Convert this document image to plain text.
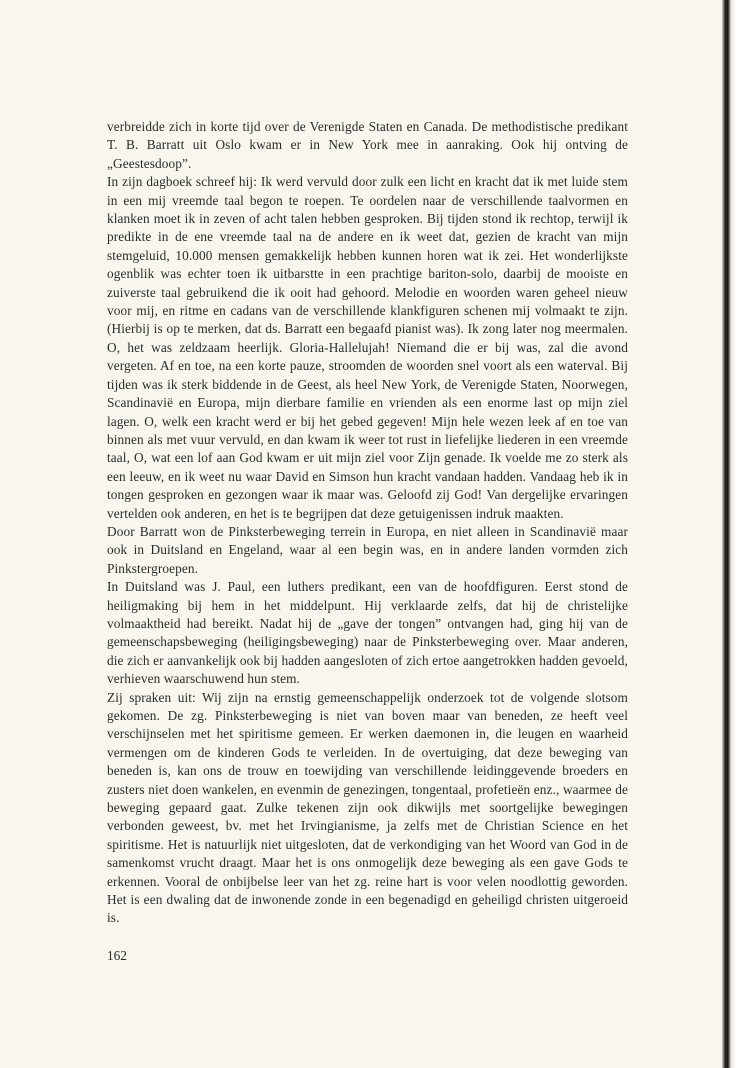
verbreidde zich in korte tijd over de Verenigde Staten en Canada. De methodistische predikant T. B. Barratt uit Oslo kwam er in New York mee in aanraking. Ook hij ontving de „Geestesdoop”.

In zijn dagboek schreef hij: Ik werd vervuld door zulk een licht en kracht dat ik met luide stem in een mij vreemde taal begon te roepen. Te oordelen naar de verschillende taalvormen en klanken moet ik in zeven of acht talen hebben gesproken. Bij tijden stond ik rechtop, terwijl ik predikte in de ene vreemde taal na de andere en ik weet dat, gezien de kracht van mijn stemgeluid, 10.000 mensen gemakkelijk hebben kunnen horen wat ik zei. Het wonderlijkste ogenblik was echter toen ik uitbarstte in een prachtige bariton-solo, daarbij de mooiste en zuiverste taal gebruikend die ik ooit had gehoord. Melodie en woorden waren geheel nieuw voor mij, en ritme en cadans van de verschillende klankfiguren schenen mij volmaakt te zijn. (Hierbij is op te merken, dat ds. Barratt een begaafd pianist was). Ik zong later nog meermalen. O, het was zeldzaam heerlijk. Gloria-Hallelujah! Niemand die er bij was, zal die avond vergeten. Af en toe, na een korte pauze, stroomden de woorden snel voort als een waterval. Bij tijden was ik sterk biddende in de Geest, als heel New York, de Verenigde Staten, Noorwegen, Scandinavië en Europa, mijn dierbare familie en vrienden als een enorme last op mijn ziel lagen. O, welk een kracht werd er bij het gebed gegeven! Mijn hele wezen leek af en toe van binnen als met vuur vervuld, en dan kwam ik weer tot rust in liefelijke liederen in een vreemde taal, O, wat een lof aan God kwam er uit mijn ziel voor Zijn genade. Ik voelde me zo sterk als een leeuw, en ik weet nu waar David en Simson hun kracht vandaan hadden. Vandaag heb ik in tongen gesproken en gezongen waar ik maar was. Geloofd zij God! Van dergelijke ervaringen vertelden ook anderen, en het is te begrijpen dat deze getuigenissen indruk maakten.

Door Barratt won de Pinksterbeweging terrein in Europa, en niet alleen in Scandinavië maar ook in Duitsland en Engeland, waar al een begin was, en in andere landen vormden zich Pinkstergroepen.

In Duitsland was J. Paul, een luthers predikant, een van de hoofdfiguren. Eerst stond de heiligmaking bij hem in het middelpunt. Hij verklaarde zelfs, dat hij de christelijke volmaaktheid had bereikt. Nadat hij de „gave der tongen” ontvangen had, ging hij van de gemeenschapsbeweging (heiligingsbeweging) naar de Pinksterbeweging over. Maar anderen, die zich er aanvankelijk ook bij hadden aangesloten of zich ertoe aangetrokken hadden gevoeld, verhieven waarschuwend hun stem.

Zij spraken uit: Wij zijn na ernstig gemeenschappelijk onderzoek tot de volgende slotsom gekomen. De zg. Pinksterbeweging is niet van boven maar van beneden, ze heeft veel verschijnselen met het spiritisme gemeen. Er werken daemonen in, die leugen en waarheid vermengen om de kinderen Gods te verleiden. In de overtuiging, dat deze beweging van beneden is, kan ons de trouw en toewijding van verschillende leidinggevende broeders en zusters niet doen wankelen, en evenmin de genezingen, tongentaal, profetieën enz., waarmee de beweging gepaard gaat. Zulke tekenen zijn ook dikwijls met soortgelijke bewegingen verbonden geweest, bv. met het Irvingianisme, ja zelfs met de Christian Science en het spiritisme. Het is natuurlijk niet uitgesloten, dat de verkondiging van het Woord van God in de samenkomst vrucht draagt. Maar het is ons onmogelijk deze beweging als een gave Gods te erkennen. Vooral de onbijbelse leer van het zg. reine hart is voor velen noodlottig geworden. Het is een dwaling dat de inwonende zonde in een begenadigd en geheiligd christen uitgeroeid is.

162
